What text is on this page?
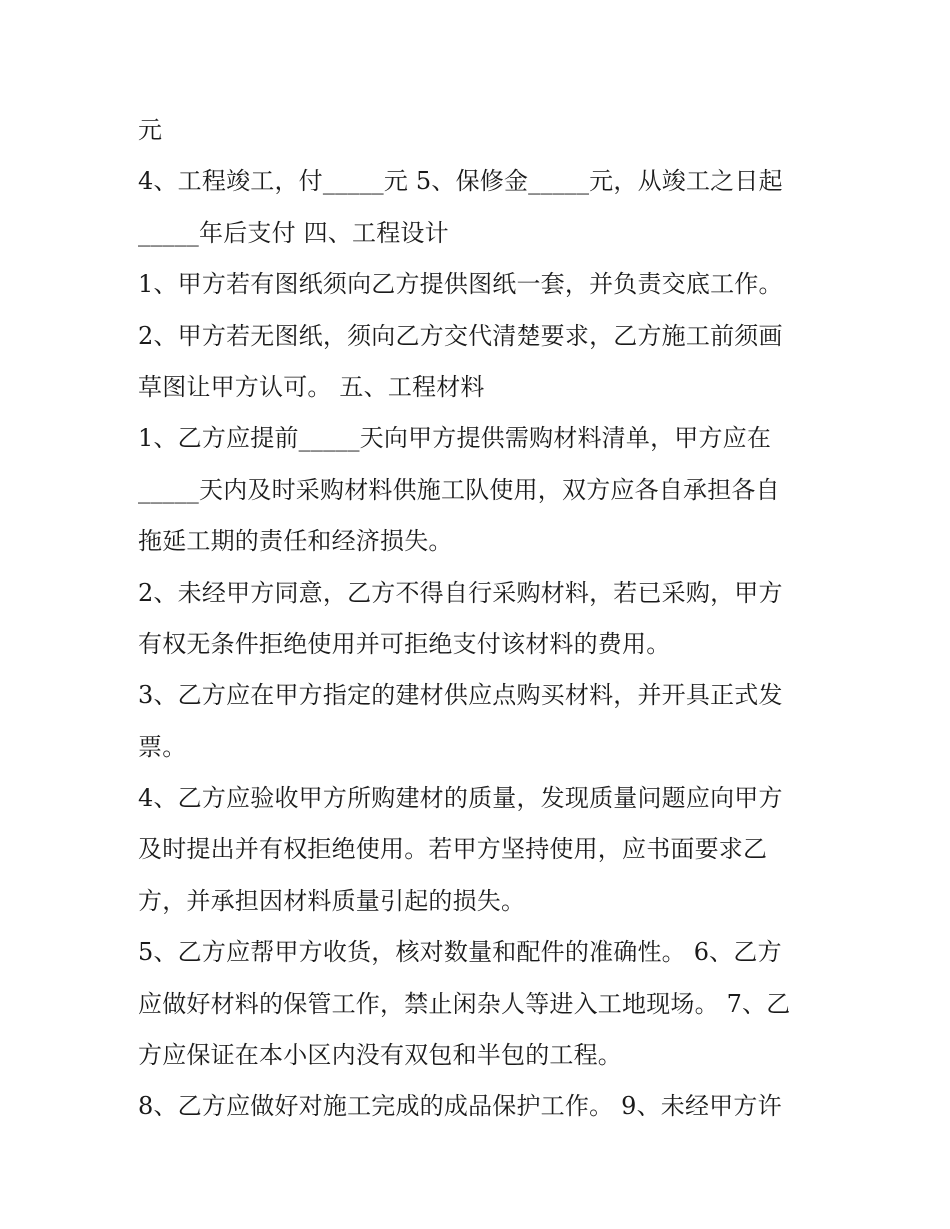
元
4、工程竣工，付_____元 5、保修金_____元，从竣工之日起
_____年后支付 四、工程设计
1、甲方若有图纸须向乙方提供图纸一套，并负责交底工作。
2、甲方若无图纸，须向乙方交代清楚要求，乙方施工前须画
草图让甲方认可。 五、工程材料
1、乙方应提前_____天向甲方提供需购材料清单，甲方应在
_____天内及时采购材料供施工队使用，双方应各自承担各自
拖延工期的责任和经济损失。
2、未经甲方同意，乙方不得自行采购材料，若已采购，甲方
有权无条件拒绝使用并可拒绝支付该材料的费用。
3、乙方应在甲方指定的建材供应点购买材料，并开具正式发
票。
4、乙方应验收甲方所购建材的质量，发现质量问题应向甲方
及时提出并有权拒绝使用。若甲方坚持使用，应书面要求乙
方，并承担因材料质量引起的损失。
5、乙方应帮甲方收货，核对数量和配件的准确性。 6、乙方
应做好材料的保管工作，禁止闲杂人等进入工地现场。 7、乙
方应保证在本小区内没有双包和半包的工程。
8、乙方应做好对施工完成的成品保护工作。 9、未经甲方许
